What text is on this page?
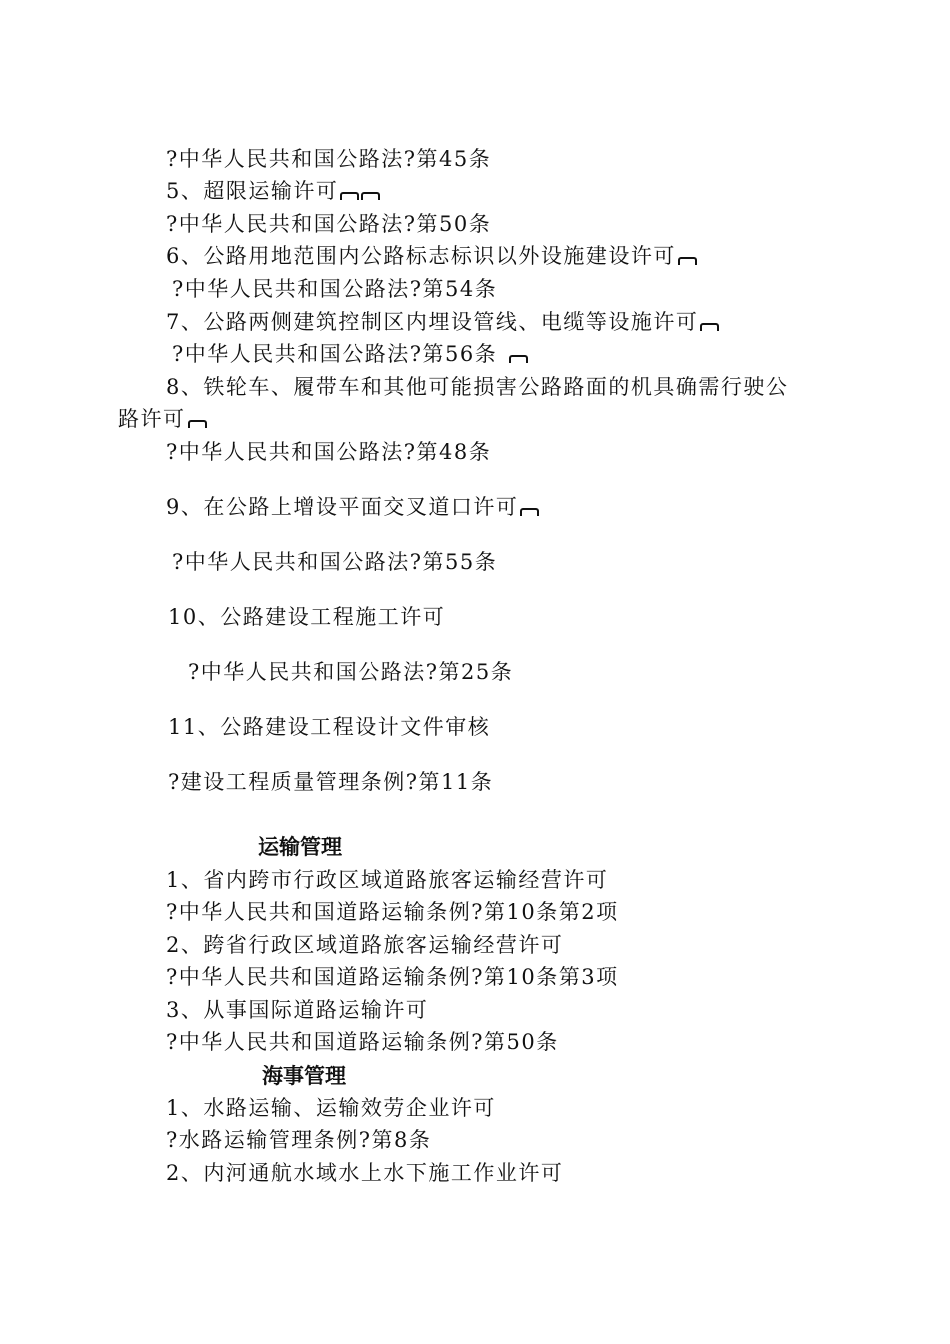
?中华人民共和国公路法?第45条
5、超限运输许可
?中华人民共和国公路法?第50条
6、公路用地范围内公路标志标识以外设施建设许可
?中华人民共和国公路法?第54条
7、公路两侧建筑控制区内埋设管线、电缆等设施许可
?中华人民共和国公路法?第56条
8、铁轮车、履带车和其他可能损害公路路面的机具确需行驶公
路许可
?中华人民共和国公路法?第48条
9、在公路上增设平面交叉道口许可
?中华人民共和国公路法?第55条
10、公路建设工程施工许可
?中华人民共和国公路法?第25条
11、公路建设工程设计文件审核
?建设工程质量管理条例?第11条
运输管理
1、省内跨市行政区域道路旅客运输经营许可
?中华人民共和国道路运输条例?第10条第2项
2、跨省行政区域道路旅客运输经营许可
?中华人民共和国道路运输条例?第10条第3项
3、从事国际道路运输许可
?中华人民共和国道路运输条例?第50条
海事管理
1、水路运输、运输效劳企业许可
?水路运输管理条例?第8条
2、内河通航水域水上水下施工作业许可
